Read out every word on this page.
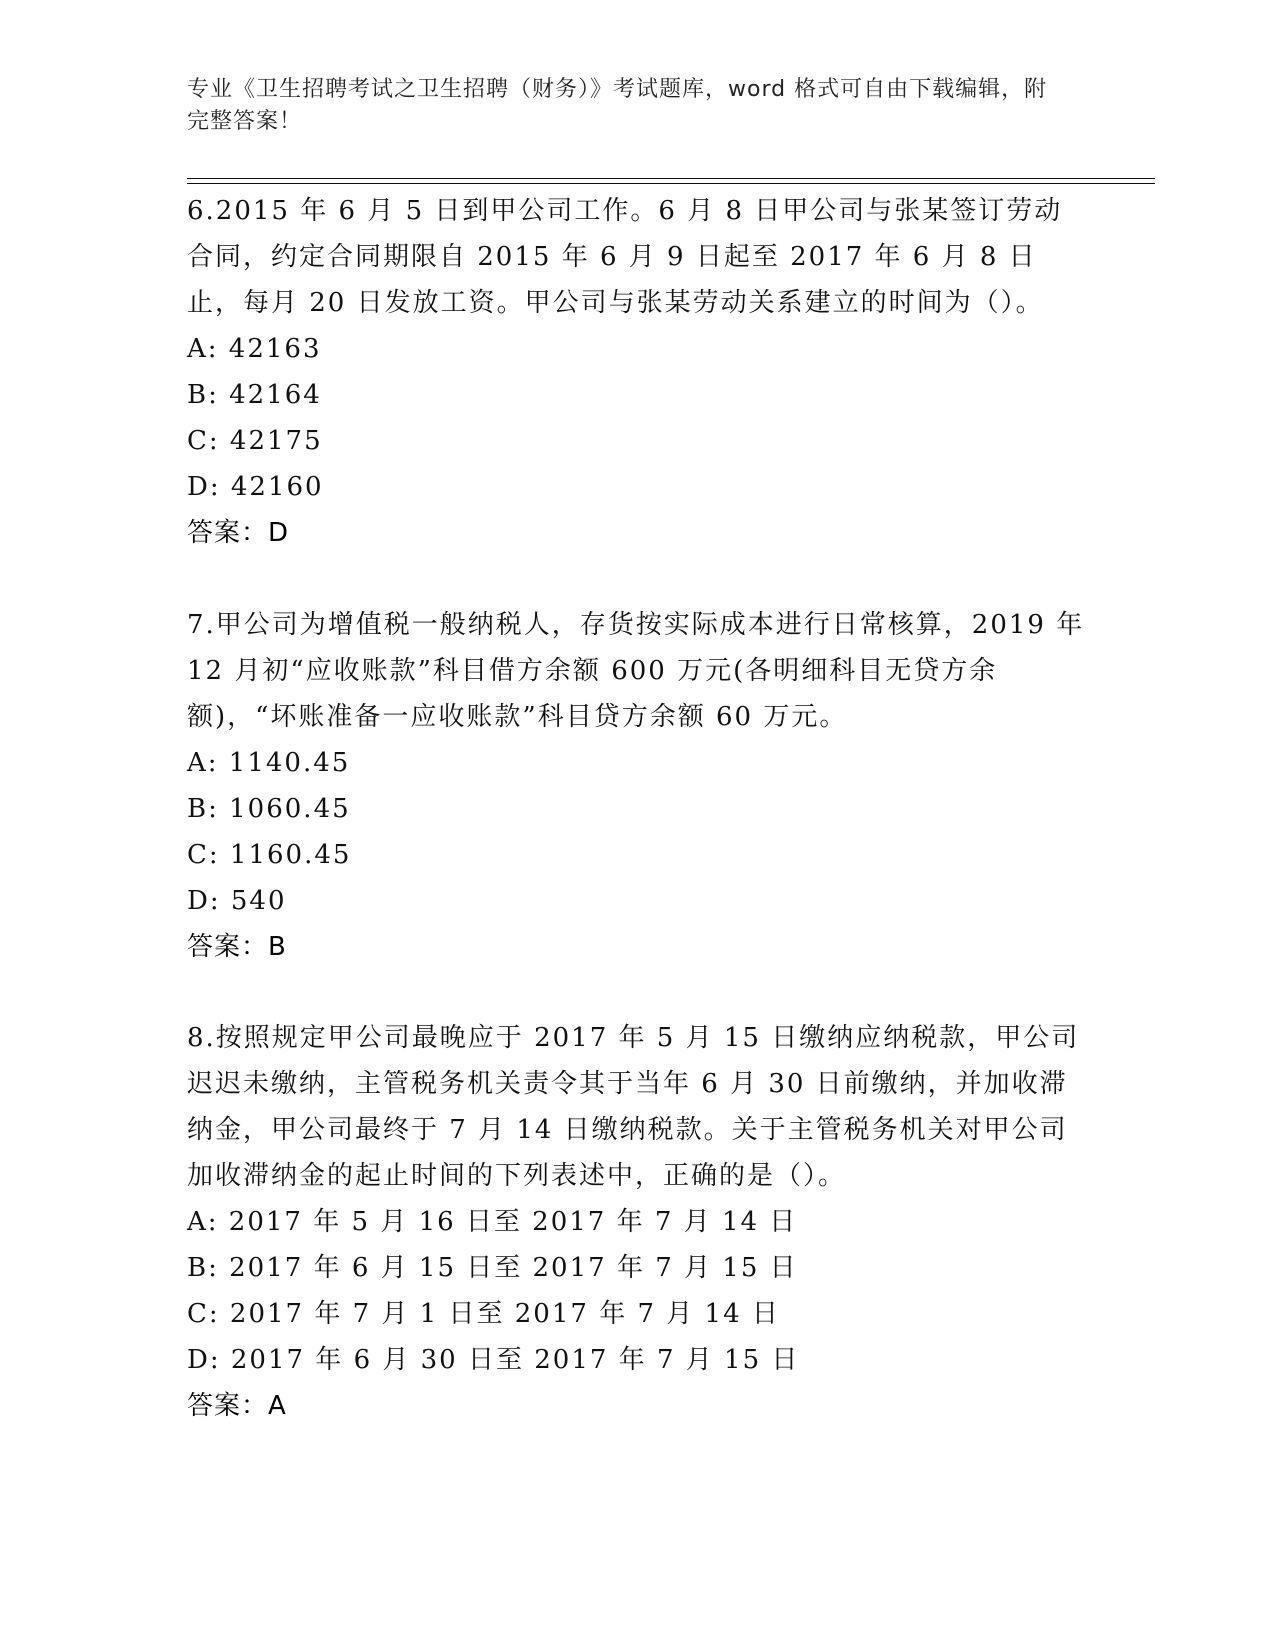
专业《卫生招聘考试之卫生招聘（财务）》考试题库，word 格式可自由下载编辑，附完整答案！

6.2015 年 6 月 5 日到甲公司工作。6 月 8 日甲公司与张某签订劳动合同，约定合同期限自 2015 年 6 月 9 日起至 2017 年 6 月 8 日止，每月 20 日发放工资。甲公司与张某劳动关系建立的时间为（）。

A: 42163

B: 42164

C: 42175

D: 42160

答案：D

7.甲公司为增值税一般纳税人，存货按实际成本进行日常核算，2019 年 12 月初“应收账款”科目借方余额 600 万元(各明细科目无贷方余额)，“坏账准备一应收账款”科目贷方余额 60 万元。

A: 1140.45

B: 1060.45

C: 1160.45

D: 540

答案：B

8.按照规定甲公司最晚应于 2017 年 5 月 15 日缴纳应纳税款，甲公司迟迟未缴纳，主管税务机关责令其于当年 6 月 30 日前缴纳，并加收滞纳金，甲公司最终于 7 月 14 日缴纳税款。关于主管税务机关对甲公司加收滞纳金的起止时间的下列表述中，正确的是（）。

A: 2017 年 5 月 16 日至 2017 年 7 月 14 日

B: 2017 年 6 月 15 日至 2017 年 7 月 15 日

C: 2017 年 7 月 1 日至 2017 年 7 月 14 日

D: 2017 年 6 月 30 日至 2017 年 7 月 15 日

答案：A
